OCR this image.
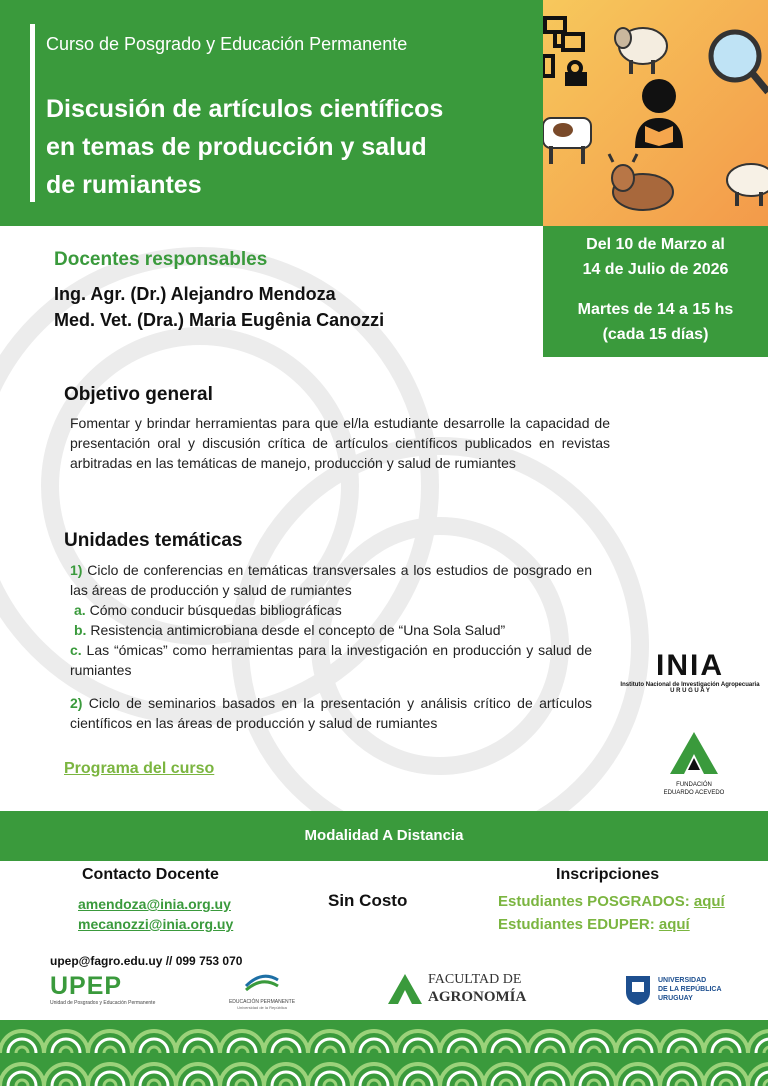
Curso de Posgrado y Educación Permanente
Discusión de artículos científicos
en temas de producción y salud
de rumiantes
Del 10 de Marzo al
14 de Julio de 2026
Martes de 14 a 15 hs
(cada 15 días)
Docentes responsables
Ing. Agr. (Dr.) Alejandro Mendoza
Med. Vet. (Dra.) Maria Eugênia Canozzi
Objetivo general
Fomentar y brindar herramientas para que el/la estudiante desarrolle la capacidad de presentación oral y discusión crítica de artículos científicos publicados en revistas arbitradas en las temáticas de manejo, producción y salud de rumiantes
Unidades temáticas
1) Ciclo de conferencias en temáticas transversales a los estudios de posgrado en las áreas de producción y salud de rumiantes
a. Cómo conducir búsquedas bibliográficas
b. Resistencia antimicrobiana desde el concepto de “Una Sola Salud”
c. Las “ómicas” como herramientas para la investigación en producción y salud de rumiantes
2) Ciclo de seminarios basados en la presentación y análisis crítico de artículos científicos en las áreas de producción y salud de rumiantes
Programa del curso
INIA
Instituto Nacional de Investigación Agropecuaria
U R U G U A Y
FUNDACIÓN
EDUARDO ACEVEDO
Modalidad A Distancia
Contacto Docente
amendoza@inia.org.uy
mecanozzi@inia.org.uy
Sin Costo
Inscripciones
Estudiantes POSGRADOS: aquí
Estudiantes EDUPER: aquí
upep@fagro.edu.uy // 099 753 070
UPEP
Unidad de Posgrados y Educación Permanente	EDUCACIÓN PERMANENTE
Universidad de la República
FACULTAD DE
AGRONOMÍA
UNIVERSIDAD
DE LA REPÚBLICA
URUGUAY
